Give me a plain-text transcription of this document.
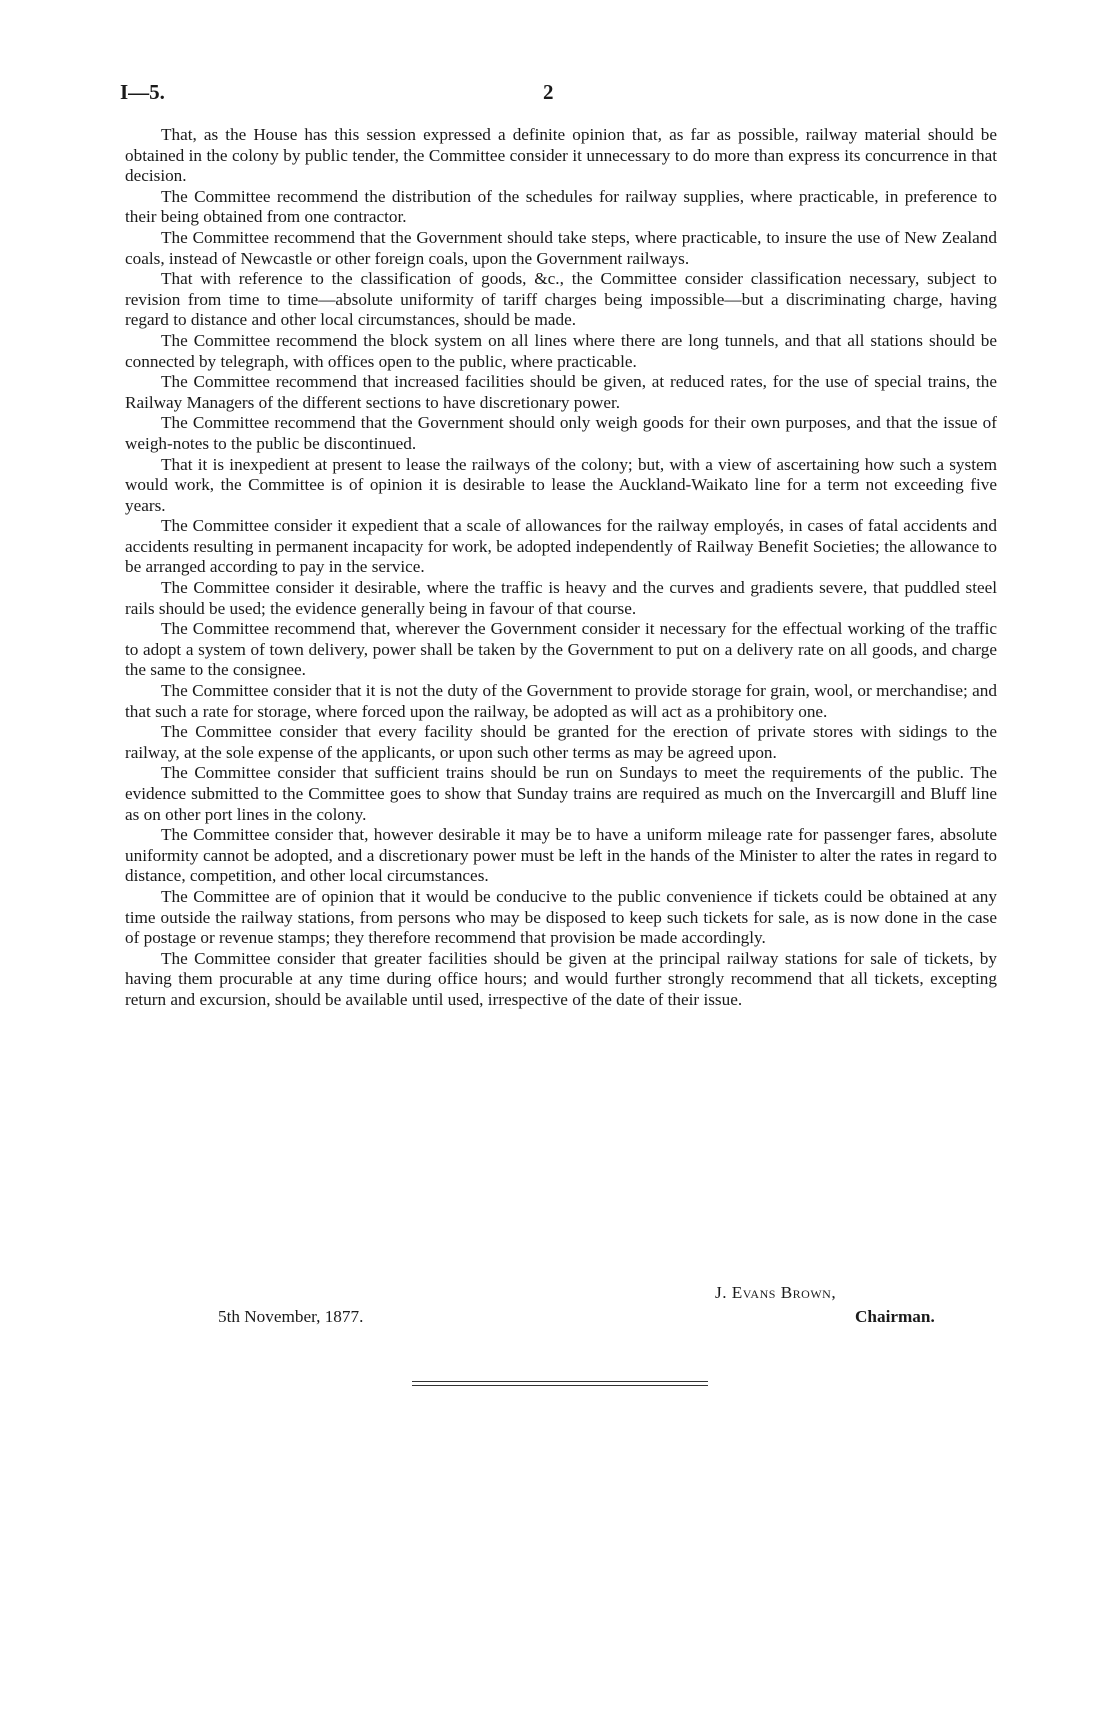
I—5.	2

That, as the House has this session expressed a definite opinion that, as far as possible, railway material should be obtained in the colony by public tender, the Committee consider it unnecessary to do more than express its concurrence in that decision.

The Committee recommend the distribution of the schedules for railway supplies, where practicable, in preference to their being obtained from one contractor.

The Committee recommend that the Government should take steps, where practicable, to insure the use of New Zealand coals, instead of Newcastle or other foreign coals, upon the Government railways.

That with reference to the classification of goods, &c., the Committee consider classification necessary, subject to revision from time to time—absolute uniformity of tariff charges being impossible—but a discriminating charge, having regard to distance and other local circumstances, should be made.

The Committee recommend the block system on all lines where there are long tunnels, and that all stations should be connected by telegraph, with offices open to the public, where practicable.

The Committee recommend that increased facilities should be given, at reduced rates, for the use of special trains, the Railway Managers of the different sections to have discretionary power.

The Committee recommend that the Government should only weigh goods for their own purposes, and that the issue of weigh-notes to the public be discontinued.

That it is inexpedient at present to lease the railways of the colony; but, with a view of ascertaining how such a system would work, the Committee is of opinion it is desirable to lease the Auckland-Waikato line for a term not exceeding five years.

The Committee consider it expedient that a scale of allowances for the railway employés, in cases of fatal accidents and accidents resulting in permanent incapacity for work, be adopted independently of Railway Benefit Societies; the allowance to be arranged according to pay in the service.

The Committee consider it desirable, where the traffic is heavy and the curves and gradients severe, that puddled steel rails should be used; the evidence generally being in favour of that course.

The Committee recommend that, wherever the Government consider it necessary for the effectual working of the traffic to adopt a system of town delivery, power shall be taken by the Government to put on a delivery rate on all goods, and charge the same to the consignee.

The Committee consider that it is not the duty of the Government to provide storage for grain, wool, or merchandise; and that such a rate for storage, where forced upon the railway, be adopted as will act as a prohibitory one.

The Committee consider that every facility should be granted for the erection of private stores with sidings to the railway, at the sole expense of the applicants, or upon such other terms as may be agreed upon.

The Committee consider that sufficient trains should be run on Sundays to meet the requirements of the public. The evidence submitted to the Committee goes to show that Sunday trains are required as much on the Invercargill and Bluff line as on other port lines in the colony.

The Committee consider that, however desirable it may be to have a uniform mileage rate for passenger fares, absolute uniformity cannot be adopted, and a discretionary power must be left in the hands of the Minister to alter the rates in regard to distance, competition, and other local circumstances.

The Committee are of opinion that it would be conducive to the public convenience if tickets could be obtained at any time outside the railway stations, from persons who may be disposed to keep such tickets for sale, as is now done in the case of postage or revenue stamps; they therefore recommend that provision be made accordingly.

The Committee consider that greater facilities should be given at the principal railway stations for sale of tickets, by having them procurable at any time during office hours; and would further strongly recommend that all tickets, excepting return and excursion, should be available until used, irrespective of the date of their issue.

J. Evans Brown,
Chairman.
5th November, 1877.
